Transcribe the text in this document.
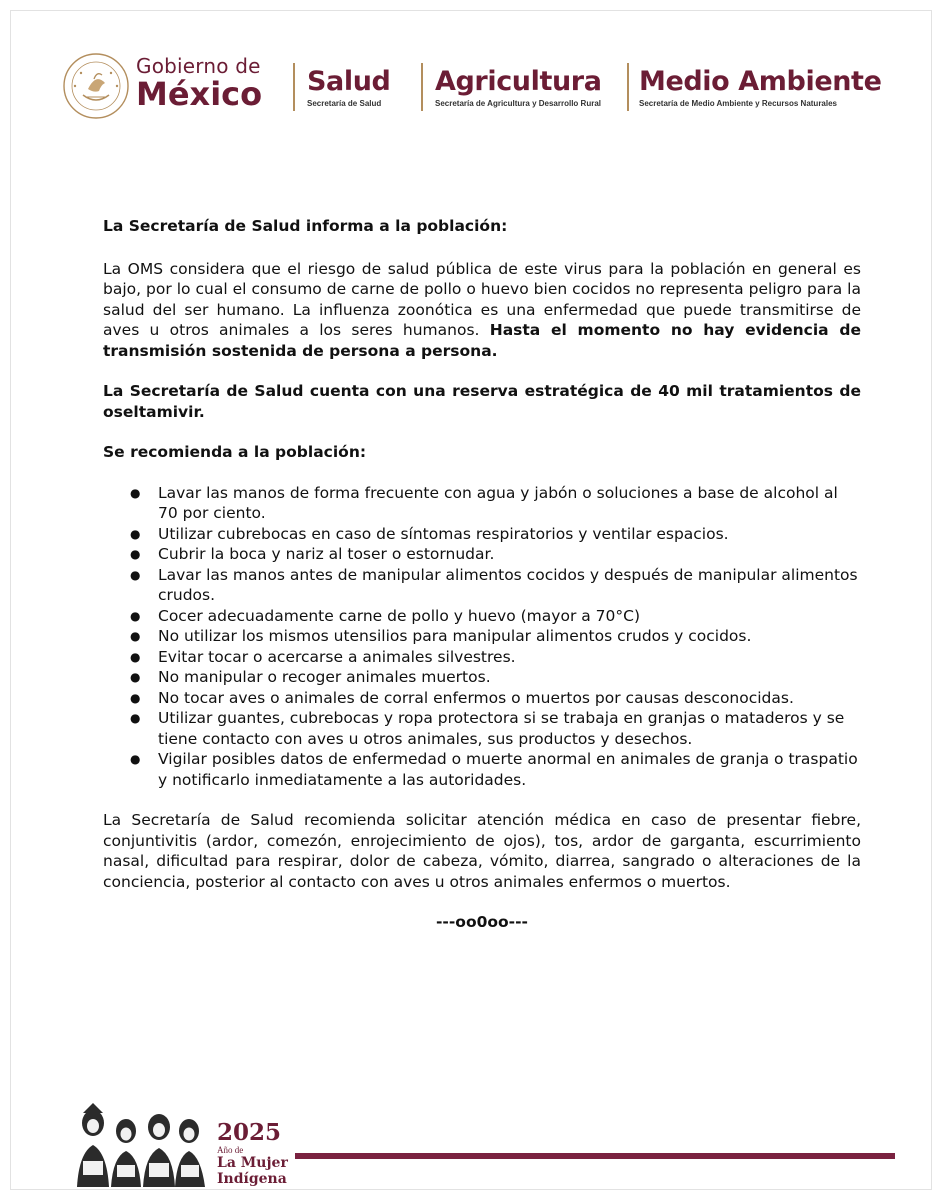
Gobierno de
México Salud
Secretaría de Salud
Agricultura
Secretaría de Agricultura y Desarrollo Rural
Medio Ambiente
Secretaría de Medio Ambiente y Recursos Naturales

La Secretaría de Salud informa a la población:

La OMS considera que el riesgo de salud pública de este virus para la población en general es bajo, por lo cual el consumo de carne de pollo o huevo bien cocidos no representa peligro para la salud del ser humano. La influenza zoonótica es una enfermedad que puede transmitirse de aves u otros animales a los seres humanos. Hasta el momento no hay evidencia de transmisión sostenida de persona a persona.

La Secretaría de Salud cuenta con una reserva estratégica de 40 mil tratamientos de oseltamivir.

Se recomienda a la población:

● Lavar las manos de forma frecuente con agua y jabón o soluciones a base de alcohol al 70 por ciento.
● Utilizar cubrebocas en caso de síntomas respiratorios y ventilar espacios.
● Cubrir la boca y nariz al toser o estornudar.
● Lavar las manos antes de manipular alimentos cocidos y después de manipular alimentos crudos.
● Cocer adecuadamente carne de pollo y huevo (mayor a 70°C)
● No utilizar los mismos utensilios para manipular alimentos crudos y cocidos.
● Evitar tocar o acercarse a animales silvestres.
● No manipular o recoger animales muertos.
● No tocar aves o animales de corral enfermos o muertos por causas desconocidas.
● Utilizar guantes, cubrebocas y ropa protectora si se trabaja en granjas o mataderos y se tiene contacto con aves u otros animales, sus productos y desechos.
● Vigilar posibles datos de enfermedad o muerte anormal en animales de granja o traspatio y notificarlo inmediatamente a las autoridades.

La Secretaría de Salud recomienda solicitar atención médica en caso de presentar fiebre, conjuntivitis (ardor, comezón, enrojecimiento de ojos), tos, ardor de garganta, escurrimiento nasal, dificultad para respirar, dolor de cabeza, vómito, diarrea, sangrado o alteraciones de la conciencia, posterior al contacto con aves u otros animales enfermos o muertos.

---oo0oo---

2025
Año de
La Mujer
Indígena
